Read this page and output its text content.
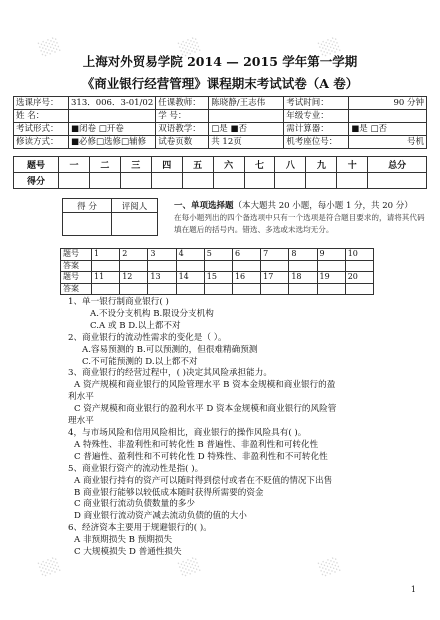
░░	░░	░░
░░	░░	░░
上海对外贸易学院 2014 — 2015 学年第一学期
《商业银行经营管理》课程期末考试试卷（A 卷）
选课序号：	313．006．3-01/02	任课教师：	陈晓静/王志伟	考试时间：	90 分钟
姓 名：		学 号：		年级专业：	
考试形式：	■闭卷 □开卷	双语教学：	□是 ■否	需计算器：	■是 □否
修读方式：	■必修□选修□辅修	试卷页数	共 12页	机考座位号：	号机
题号	一	二	三	四	五	六	七	八	九	十	总分
得分											
得 分	评阅人
		一、单项选择题（本大题共 20 小题，每小题 1 分，共 20 分）
在每小题列出的四个备选项中只有一个选项是符合题目要求的，请将其代码填在题后的括号内。错选、多选或未选均无分。
题号	1	2	3	4	5	6	7	8	9	10
答案										
题号	11	12	13	14	15	16	17	18	19	20
答案										
1、单一银行制商业银行( )
A.不设分支机构 B.限设分支机构
C.A 或 B D.以上都不对
2、商业银行的流动性需求的变化是（ ）。
A.容易预测的 B.可以预测的，但很难精确预测
C.不可能预测的 D.以上都不对
3、商业银行的经营过程中，( )决定其风险承担能力。
A 资产规模和商业银行的风险管理水平 B 资本金规模和商业银行的盈
利水平
C 资产规模和商业银行的盈利水平 D 资本金规模和商业银行的风险管
理水平
4，与市场风险和信用风险相比，商业银行的操作风险具有( )。
A 特殊性、非盈利性和可转化性 B 普遍性、非盈利性和可转化性
C 普遍性、盈利性和不可转化性 D 特殊性、非盈利性和不可转化性
5、商业银行资产的流动性是指( )。
A 商业银行持有的资产可以随时得到偿付或者在不贬值的情况下出售
B 商业银行能够以较低成本随时获得所需要的资金
C 商业银行流动负债数量的多少
D 商业银行流动资产减去流动负债的值的大小
6、经济资本主要用于规避银行的( )。
A 非预期损失 B 预期损失
C 大规模损失 D 普通性损失
1
